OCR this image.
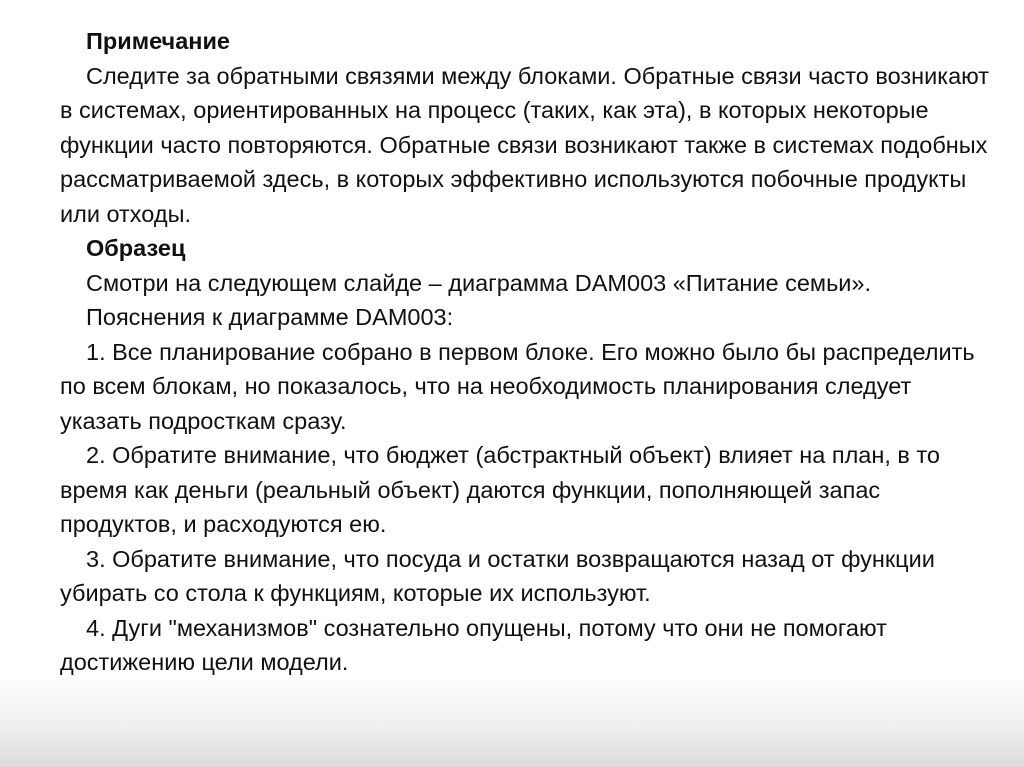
Примечание

Следите за обратными связями между блоками. Обратные связи часто возникают в системах, ориентированных на процесс (таких, как эта), в которых некоторые функции часто повторяются. Обратные связи возникают также в системах подобных рассматриваемой здесь, в которых эффективно используются побочные продукты или отходы.

Образец

Смотри на следующем слайде – диаграмма DAM003 «Питание семьи».

Пояснения к диаграмме DAM003:

1. Все планирование собрано в первом блоке. Его можно было бы распределить по всем блокам, но показалось, что на необходимость планирования следует указать подросткам сразу.

2. Обратите внимание, что бюджет (абстрактный объект) влияет на план, в то время как деньги (реальный объект) даются функции, пополняющей запас продуктов, и расходуются ею.

3. Обратите внимание, что посуда и остатки возвращаются назад от функции убирать со стола к функциям, которые их используют.

4. Дуги "механизмов" сознательно опущены, потому что они не помогают достижению цели модели.
